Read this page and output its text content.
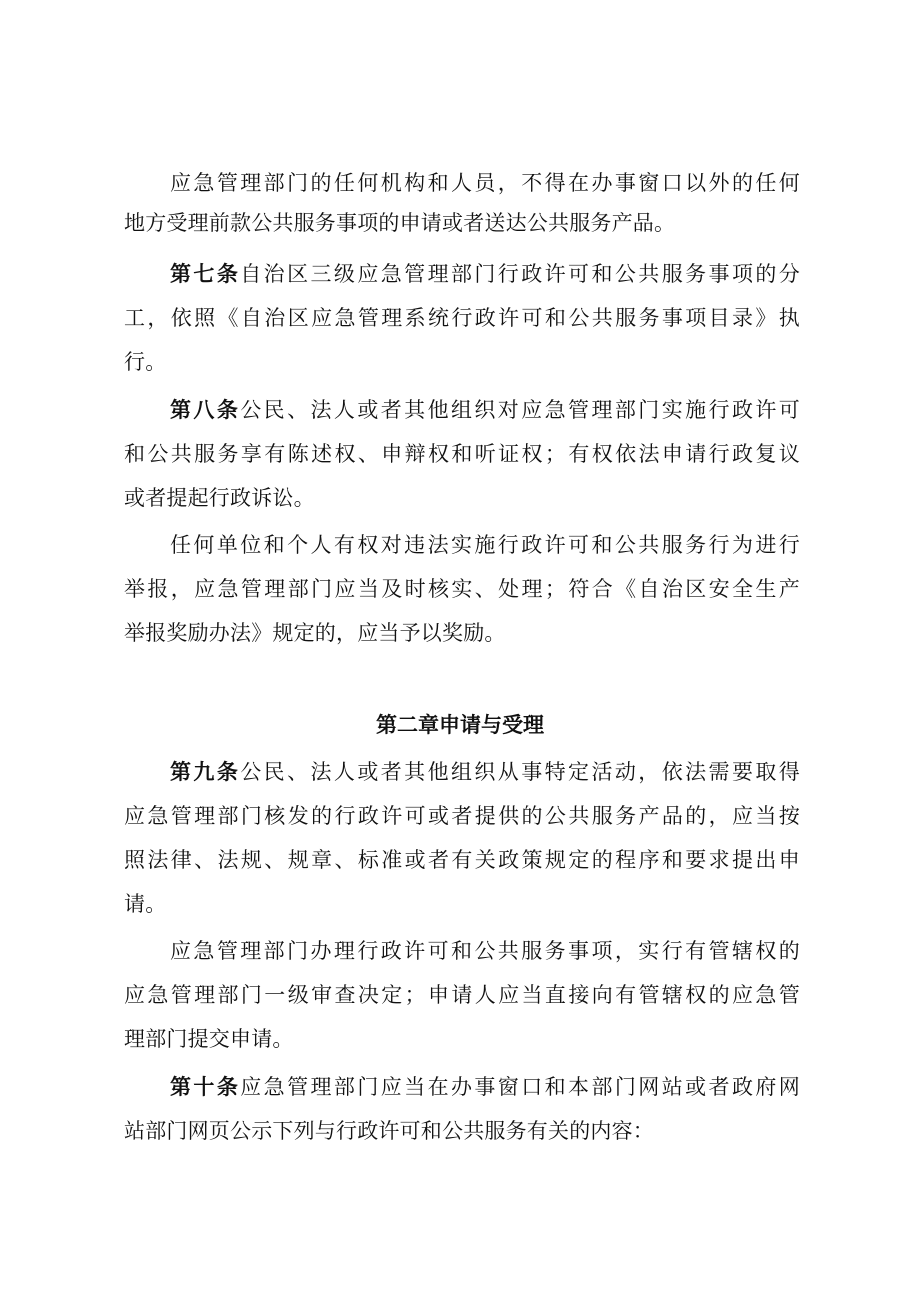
应急管理部门的任何机构和人员，不得在办事窗口以外的任何
地方受理前款公共服务事项的申请或者送达公共服务产品。
第七条自治区三级应急管理部门行政许可和公共服务事项的分
工，依照《自治区应急管理系统行政许可和公共服务事项目录》执
行。
第八条公民、法人或者其他组织对应急管理部门实施行政许可
和公共服务享有陈述权、申辩权和听证权；有权依法申请行政复议
或者提起行政诉讼。
任何单位和个人有权对违法实施行政许可和公共服务行为进行
举报，应急管理部门应当及时核实、处理；符合《自治区安全生产
举报奖励办法》规定的，应当予以奖励。
第二章申请与受理
第九条公民、法人或者其他组织从事特定活动，依法需要取得
应急管理部门核发的行政许可或者提供的公共服务产品的，应当按
照法律、法规、规章、标准或者有关政策规定的程序和要求提出申
请。
应急管理部门办理行政许可和公共服务事项，实行有管辖权的
应急管理部门一级审查决定；申请人应当直接向有管辖权的应急管
理部门提交申请。
第十条应急管理部门应当在办事窗口和本部门网站或者政府网
站部门网页公示下列与行政许可和公共服务有关的内容：
